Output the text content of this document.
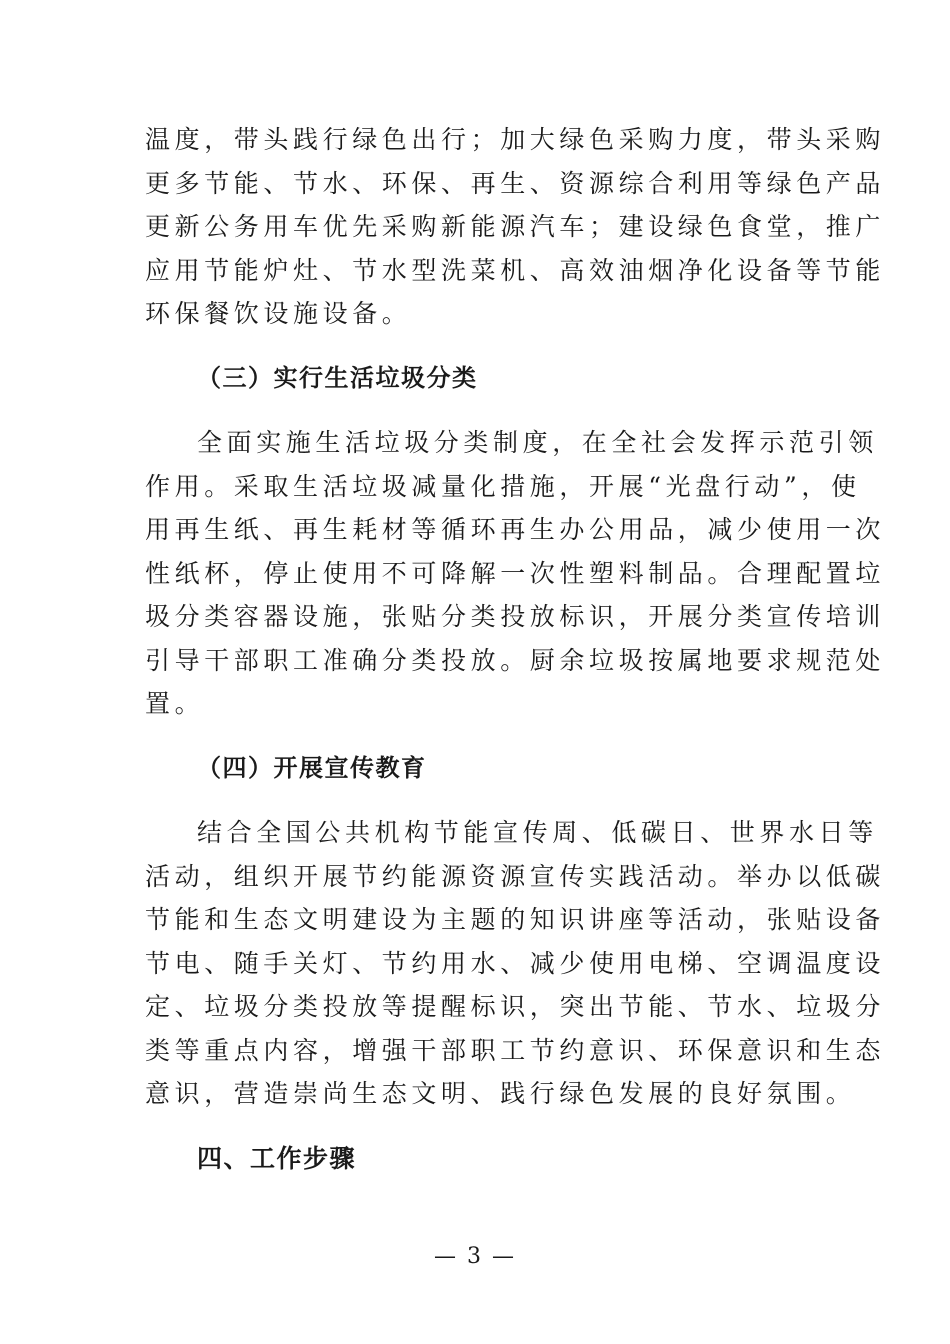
温度，带头践行绿色出行；加大绿色采购力度，带头采购
更多节能、节水、环保、再生、资源综合利用等绿色产品
更新公务用车优先采购新能源汽车；建设绿色食堂，推广
应用节能炉灶、节水型洗菜机、高效油烟净化设备等节能
环保餐饮设施设备。
（三）实行生活垃圾分类
全面实施生活垃圾分类制度，在全社会发挥示范引领
作用。采取生活垃圾减量化措施，开展“光盘行动”，使
用再生纸、再生耗材等循环再生办公用品，减少使用一次
性纸杯，停止使用不可降解一次性塑料制品。合理配置垃
圾分类容器设施，张贴分类投放标识，开展分类宣传培训
引导干部职工准确分类投放。厨余垃圾按属地要求规范处
置。
（四）开展宣传教育
结合全国公共机构节能宣传周、低碳日、世界水日等
活动，组织开展节约能源资源宣传实践活动。举办以低碳
节能和生态文明建设为主题的知识讲座等活动，张贴设备
节电、随手关灯、节约用水、减少使用电梯、空调温度设
定、垃圾分类投放等提醒标识，突出节能、节水、垃圾分
类等重点内容，增强干部职工节约意识、环保意识和生态
意识，营造崇尚生态文明、践行绿色发展的良好氛围。
四、工作步骤
— 3 —
